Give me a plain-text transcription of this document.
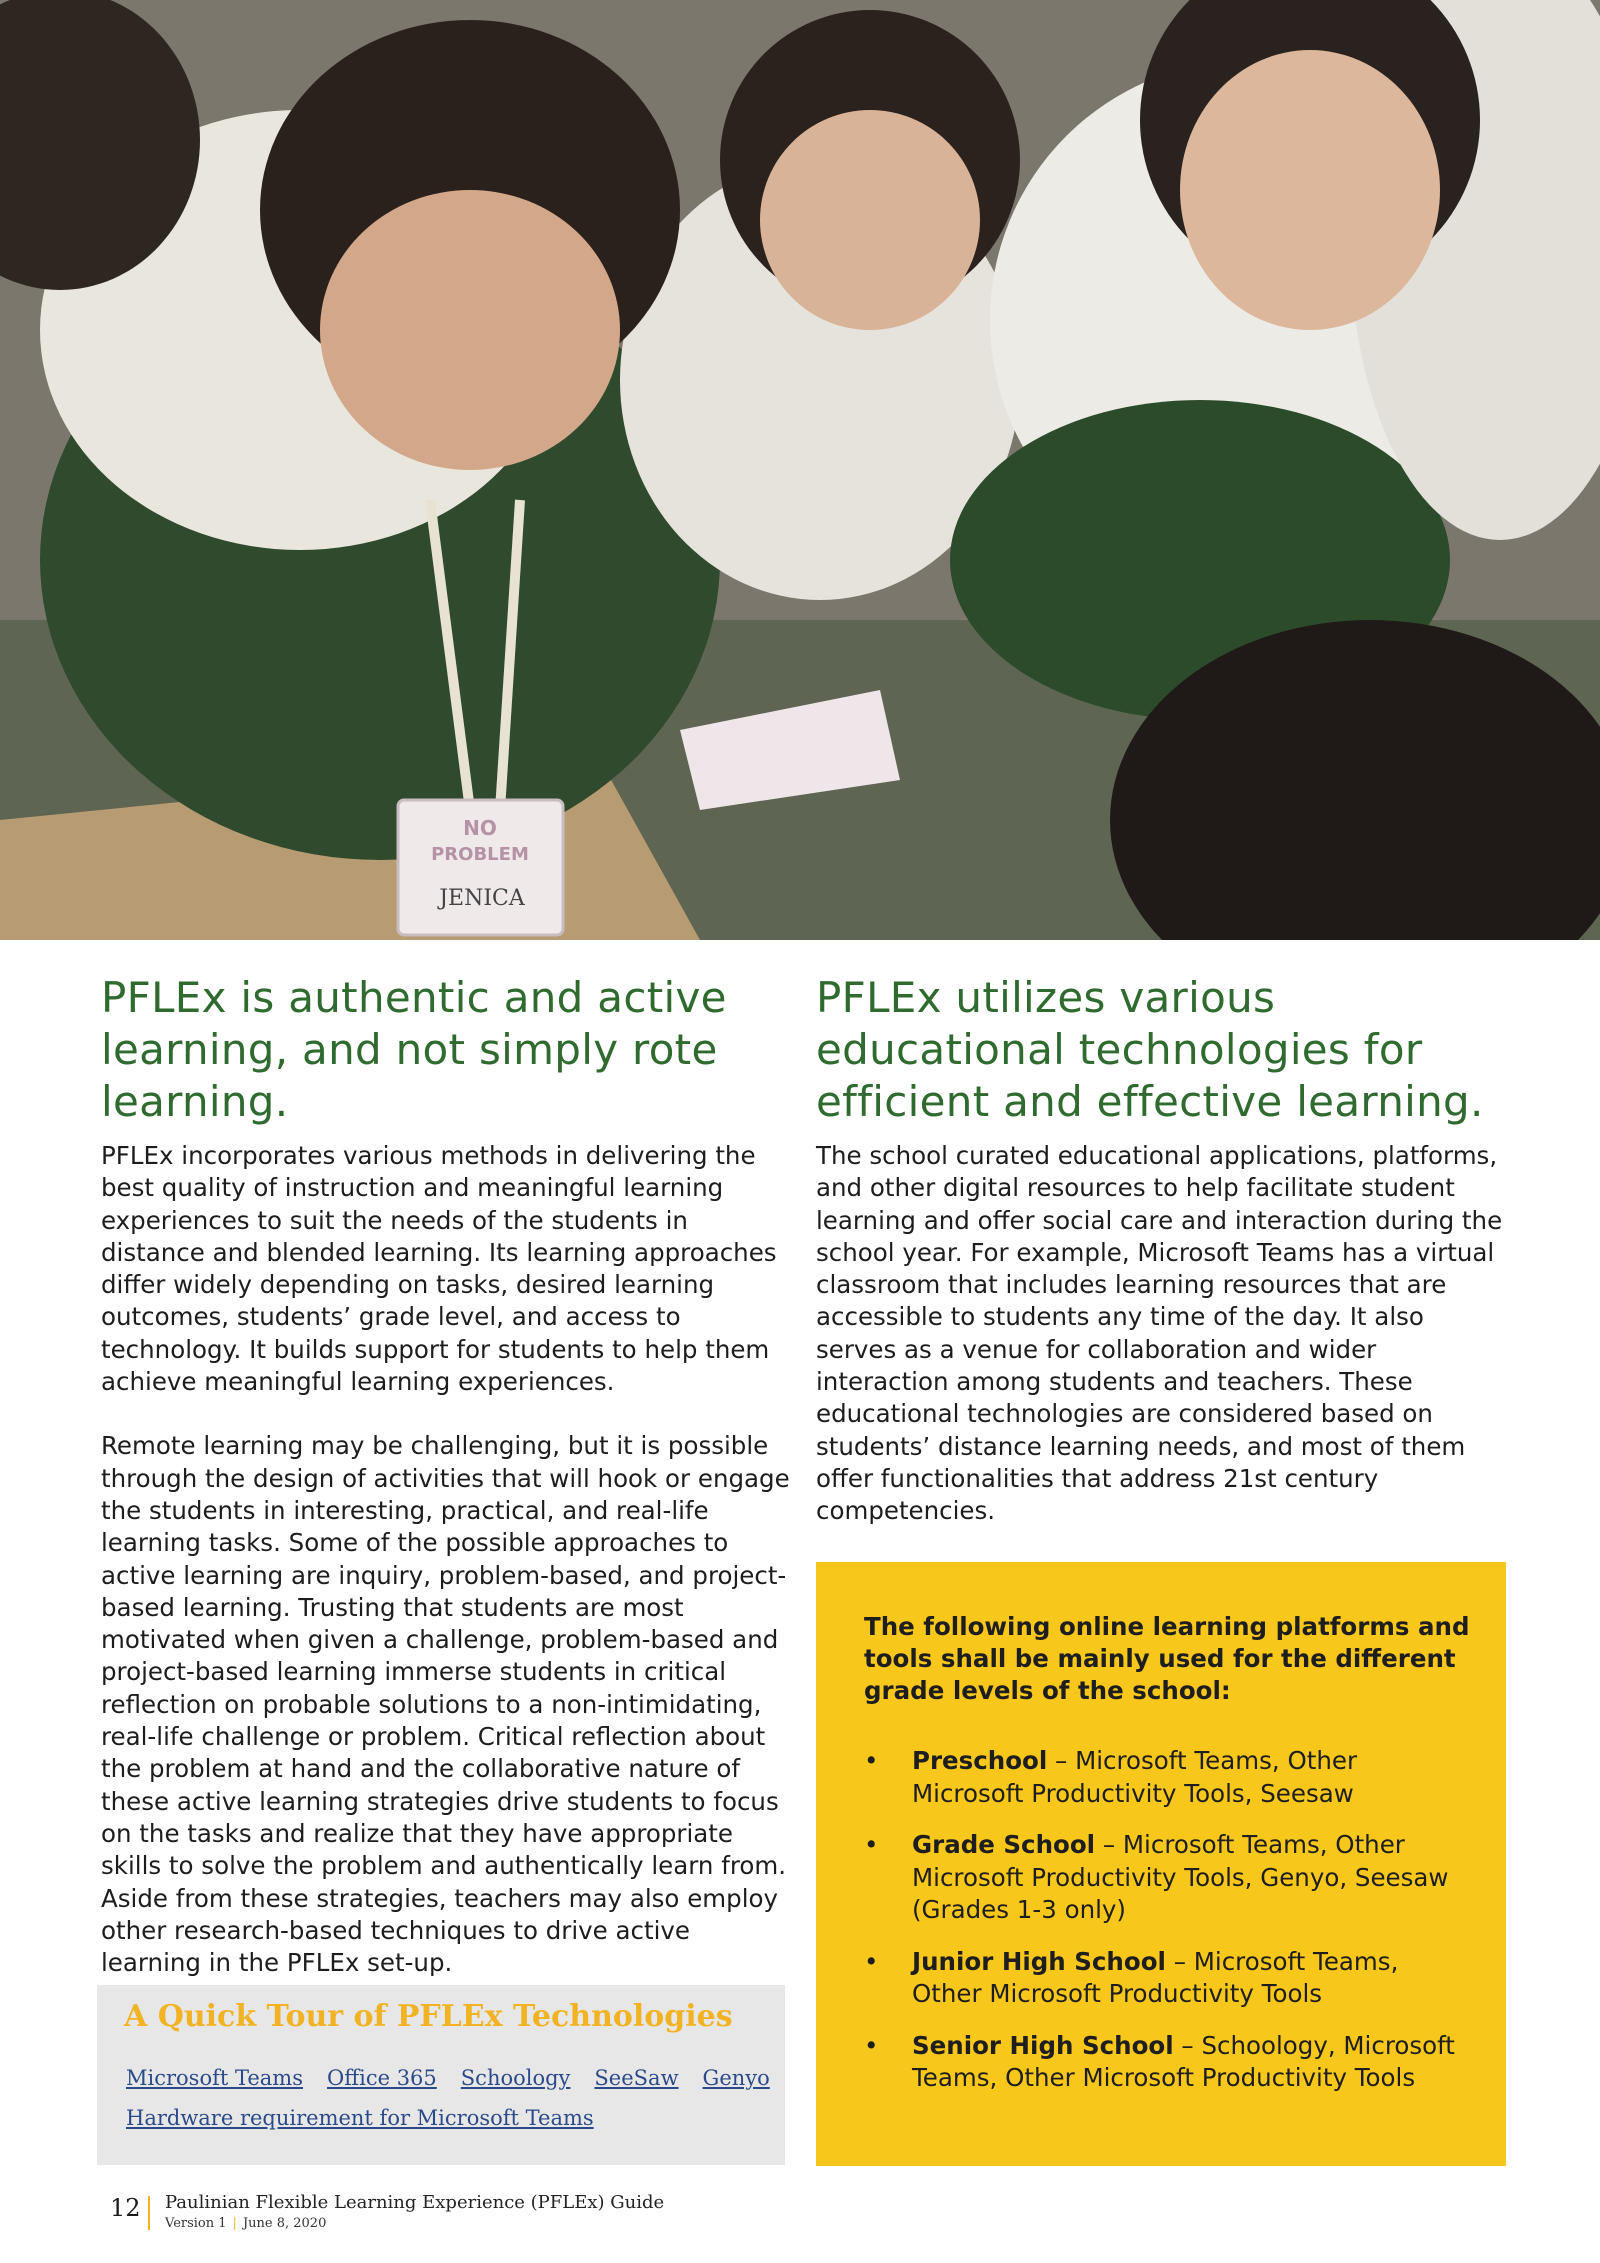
NO
PROBLEM
JENICA
PFLEx is authentic and active learning, and not simply rote learning.

PFLEx incorporates various methods in delivering the best quality of instruction and meaningful learning experiences to suit the needs of the students in distance and blended learning. Its learning approaches differ widely depending on tasks, desired learning outcomes, students’ grade level, and access to technology. It builds support for students to help them achieve meaningful learning experiences.

Remote learning may be challenging, but it is possible through the design of activities that will hook or engage the students in interesting, practical, and real-life learning tasks. Some of the possible approaches to active learning are inquiry, problem-based, and project-based learning. Trusting that students are most motivated when given a challenge, problem-based and project-based learning immerse students in critical reflection on probable solutions to a non-intimidating, real-life challenge or problem. Critical reflection about the problem at hand and the collaborative nature of these active learning strategies drive students to focus on the tasks and realize that they have appropriate skills to solve the problem and authentically learn from. Aside from these strategies, teachers may also employ other research-based techniques to drive active learning in the PFLEx set-up.

PFLEx utilizes various educational technologies for efficient and effective learning.

The school curated educational applications, platforms, and other digital resources to help facilitate student learning and offer social care and interaction during the school year. For example, Microsoft Teams has a virtual classroom that includes learning resources that are accessible to students any time of the day. It also serves as a venue for collaboration and wider interaction among students and teachers. These educational technologies are considered based on students’ distance learning needs, and most of them offer functionalities that address 21st century competencies.

A Quick Tour of PFLEx Technologies
Microsoft Teams Office 365 Schoology SeeSaw Genyo
Hardware requirement for Microsoft Teams
The following online learning platforms and tools shall be mainly used for the different grade levels of the school:
• Preschool – Microsoft Teams, Other Microsoft Productivity Tools, Seesaw
• Grade School – Microsoft Teams, Other Microsoft Productivity Tools, Genyo, Seesaw (Grades 1-3 only)
• Junior High School – Microsoft Teams, Other Microsoft Productivity Tools
• Senior High School – Schoology, Microsoft Teams, Other Microsoft Productivity Tools
12 Paulinian Flexible Learning Experience (PFLEx) Guide
Version 1 | June 8, 2020
